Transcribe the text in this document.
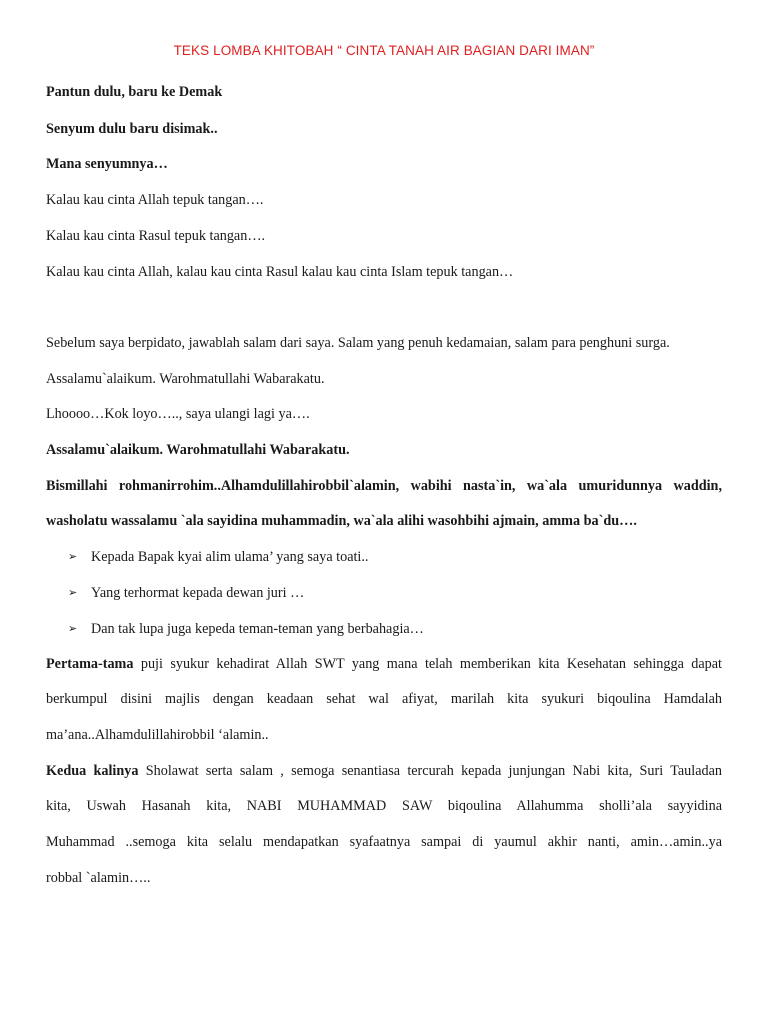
TEKS LOMBA KHITOBAH “ CINTA TANAH AIR BAGIAN DARI IMAN”

Pantun dulu, baru ke Demak

Senyum dulu baru disimak..

Mana senyumnya…

Kalau kau cinta Allah tepuk tangan….

Kalau kau cinta Rasul tepuk tangan….

Kalau kau cinta Allah, kalau kau cinta Rasul kalau kau cinta Islam tepuk tangan…

Sebelum saya berpidato, jawablah salam dari saya. Salam yang penuh kedamaian, salam para penghuni surga.

Assalamu`alaikum. Warohmatullahi Wabarakatu.

Lhoooo…Kok loyo….., saya ulangi lagi ya….

Assalamu`alaikum. Warohmatullahi Wabarakatu.

Bismillahi rohmanirrohim..Alhamdulillahirobbil`alamin, wabihi nasta`in, wa`ala umuridunnya waddin,

washolatu wassalamu `ala sayidina muhammadin, wa`ala alihi wasohbihi ajmain, amma ba`du….

➢ Kepada Bapak kyai alim ulama’ yang saya toati..
➢ Yang terhormat kepada dewan juri …
➢ Dan tak lupa juga kepeda teman-teman yang berbahagia…

Pertama-tama puji syukur kehadirat Allah SWT yang mana telah memberikan kita Kesehatan sehingga dapat

berkumpul disini majlis dengan keadaan sehat wal afiyat, marilah kita syukuri biqoulina Hamdalah

ma’ana..Alhamdulillahirobbil ‘alamin..

Kedua kalinya Sholawat serta salam , semoga senantiasa tercurah kepada junjungan Nabi kita, Suri Tauladan

kita, Uswah Hasanah kita, NABI MUHAMMAD SAW biqoulina Allahumma sholli’ala sayyidina

Muhammad ..semoga kita selalu mendapatkan syafaatnya sampai di yaumul akhir nanti, amin…amin..ya

robbal `alamin…..
